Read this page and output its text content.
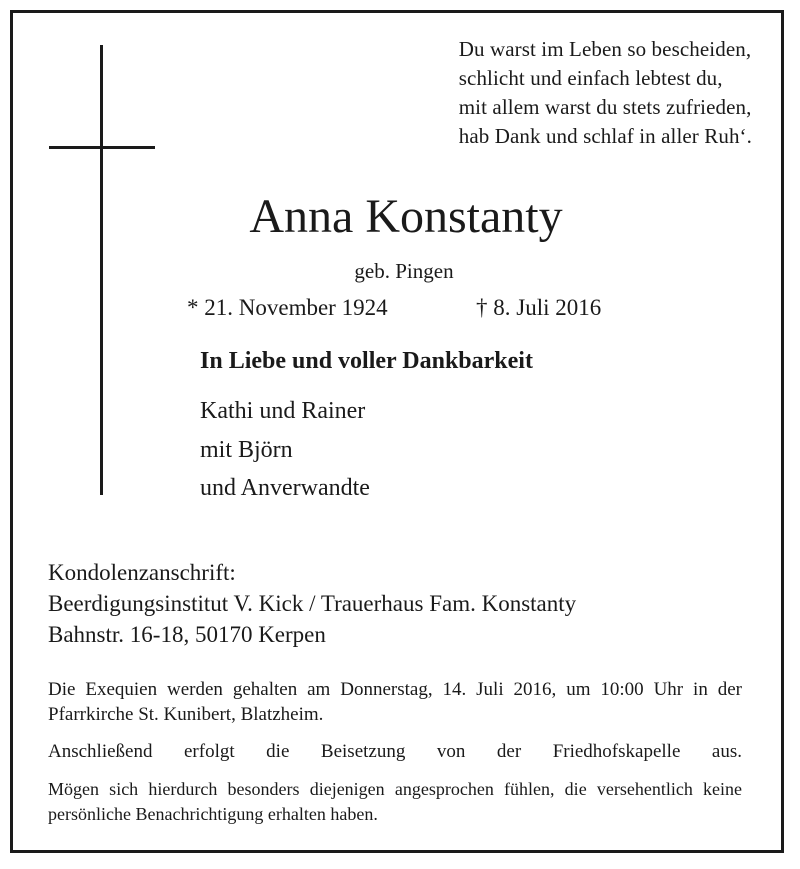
Du warst im Leben so bescheiden,
schlicht und einfach lebtest du,
mit allem warst du stets zufrieden,
hab Dank und schlaf in aller Ruh‘.
Anna Konstanty
geb. Pingen
* 21. November 1924	† 8. Juli 2016
In Liebe und voller Dankbarkeit
Kathi und Rainer
mit Björn
und Anverwandte
Kondolenzanschrift:
Beerdigungsinstitut V. Kick / Trauerhaus Fam. Konstanty
Bahnstr. 16-18, 50170 Kerpen
Die Exequien werden gehalten am Donnerstag, 14. Juli 2016, um 10:00 Uhr in der Pfarrkirche St. Kunibert, Blatzheim.
Anschließend erfolgt die Beisetzung von der Friedhofskapelle aus.
Mögen sich hierdurch besonders diejenigen angesprochen fühlen, die versehentlich keine persönliche Benachrichtigung erhalten haben.
